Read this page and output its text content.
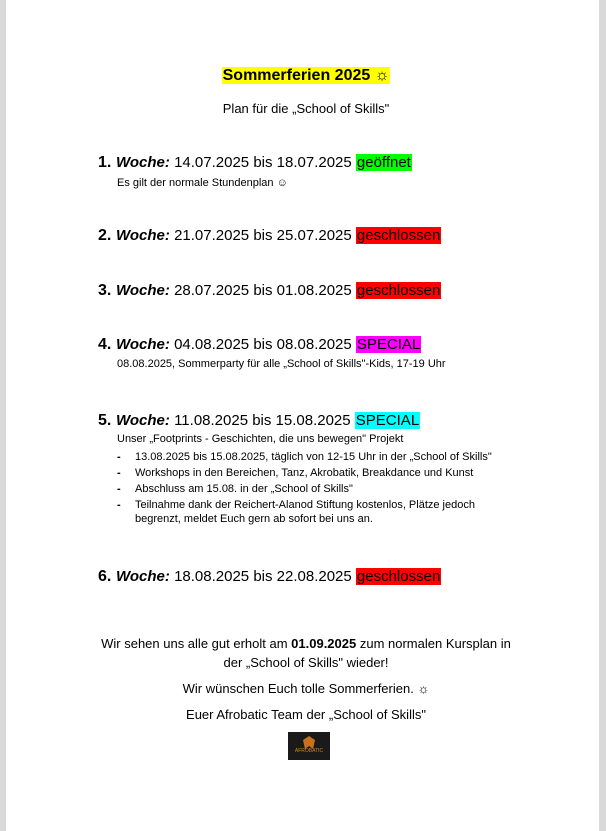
Sommerferien 2025 ☼
Plan für die „School of Skills"
1. Woche: 14.07.2025 bis 18.07.2025 geöffnet
Es gilt der normale Stundenplan ☺
2. Woche: 21.07.2025 bis 25.07.2025 geschlossen
3. Woche: 28.07.2025 bis 01.08.2025 geschlossen
4. Woche: 04.08.2025 bis 08.08.2025 SPECIAL
08.08.2025, Sommerparty für alle „School of Skills"-Kids, 17-19 Uhr
5. Woche: 11.08.2025 bis 15.08.2025 SPECIAL
Unser „Footprints - Geschichten, die uns bewegen" Projekt
- 13.08.2025 bis 15.08.2025, täglich von 12-15 Uhr in der „School of Skills"
- Workshops in den Bereichen, Tanz, Akrobatik, Breakdance und Kunst
- Abschluss am 15.08. in der „School of Skills"
- Teilnahme dank der Reichert-Alanod Stiftung kostenlos, Plätze jedoch
begrenzt, meldet Euch gern ab sofort bei uns an.
6. Woche: 18.08.2025 bis 22.08.2025 geschlossen
Wir sehen uns alle gut erholt am 01.09.2025 zum normalen Kursplan in
der „School of Skills" wieder!
Wir wünschen Euch tolle Sommerferien. ☼
Euer Afrobatic Team der „School of Skills"
AFROBATIC
